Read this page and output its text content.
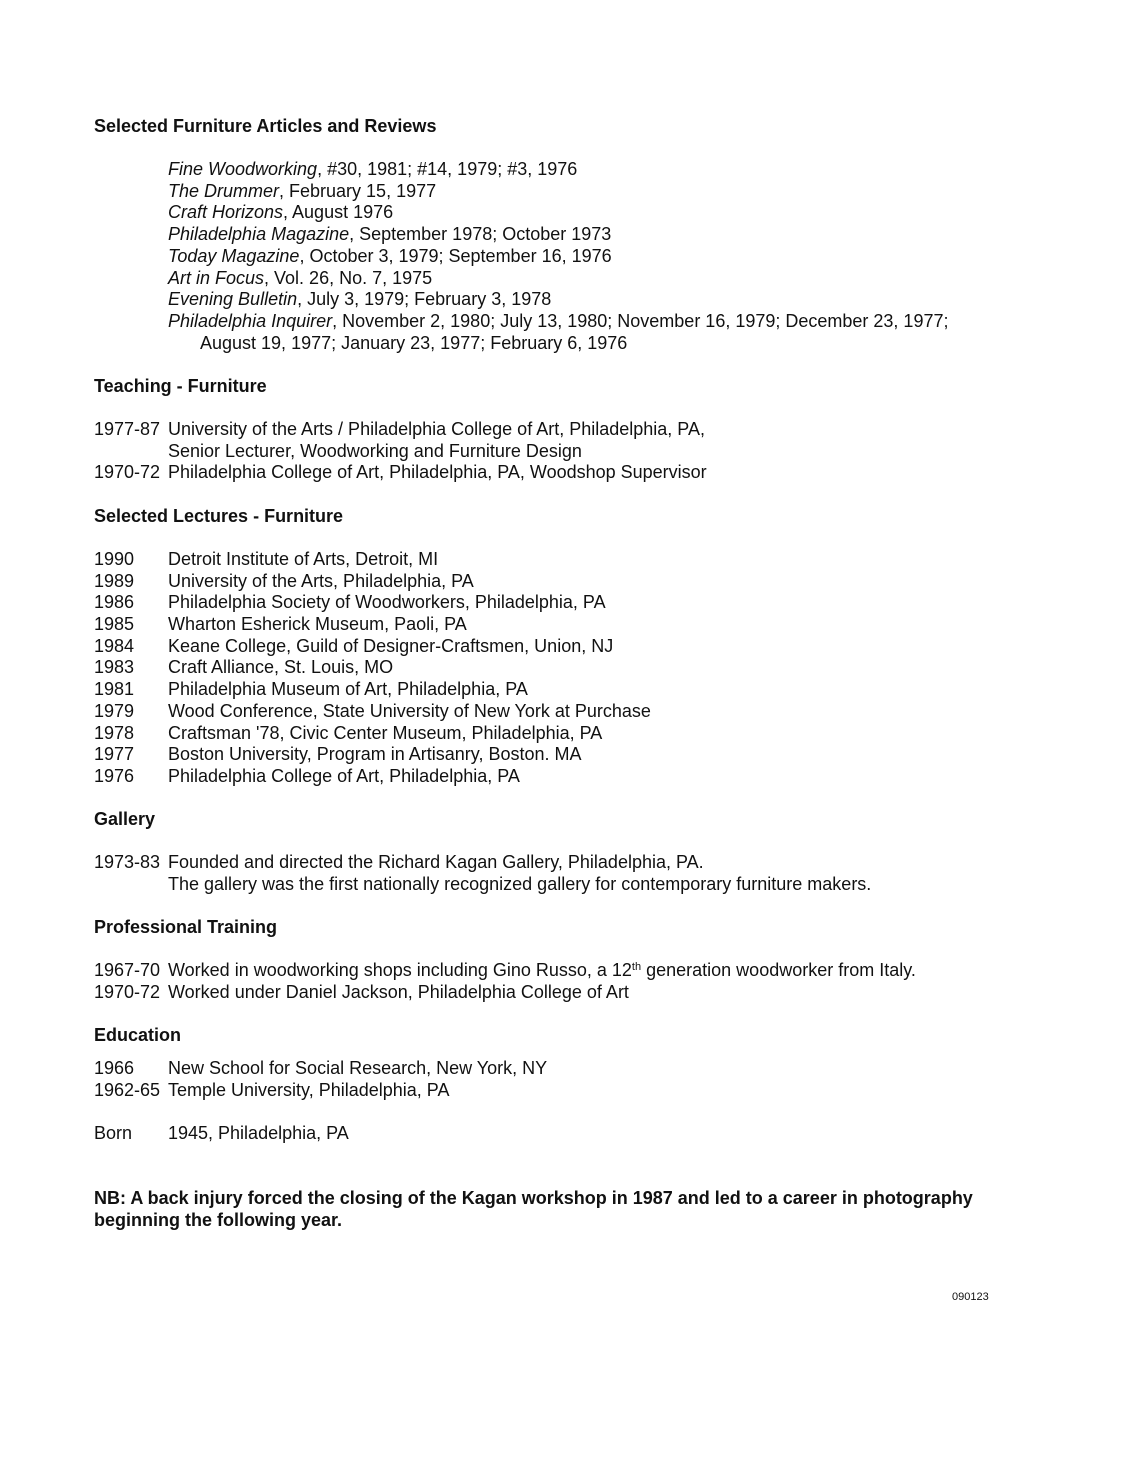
Selected Furniture Articles and Reviews
Fine Woodworking, #30, 1981; #14, 1979; #3, 1976
The Drummer, February 15, 1977
Craft Horizons, August 1976
Philadelphia Magazine, September 1978; October 1973
Today Magazine, October 3, 1979; September 16, 1976
Art in Focus, Vol. 26, No. 7, 1975
Evening Bulletin, July 3, 1979; February 3, 1978
Philadelphia Inquirer, November 2, 1980; July 13, 1980; November 16, 1979; December 23, 1977;
August 19, 1977; January 23, 1977; February 6, 1976
Teaching - Furniture
1977-87 University of the Arts / Philadelphia College of Art, Philadelphia, PA,
Senior Lecturer, Woodworking and Furniture Design
1970-72 Philadelphia College of Art, Philadelphia, PA, Woodshop Supervisor
Selected Lectures - Furniture
1990 Detroit Institute of Arts, Detroit, MI
1989 University of the Arts, Philadelphia, PA
1986 Philadelphia Society of Woodworkers, Philadelphia, PA
1985 Wharton Esherick Museum, Paoli, PA
1984 Keane College, Guild of Designer-Craftsmen, Union, NJ
1983 Craft Alliance, St. Louis, MO
1981 Philadelphia Museum of Art, Philadelphia, PA
1979 Wood Conference, State University of New York at Purchase
1978 Craftsman '78, Civic Center Museum, Philadelphia, PA
1977 Boston University, Program in Artisanry, Boston. MA
1976 Philadelphia College of Art, Philadelphia, PA
Gallery
1973-83 Founded and directed the Richard Kagan Gallery, Philadelphia, PA.
The gallery was the first nationally recognized gallery for contemporary furniture makers.
Professional Training
1967-70 Worked in woodworking shops including Gino Russo, a 12th generation woodworker from Italy.
1970-72 Worked under Daniel Jackson, Philadelphia College of Art
Education
1966 New School for Social Research, New York, NY
1962-65 Temple University, Philadelphia, PA
Born 1945, Philadelphia, PA
NB: A back injury forced the closing of the Kagan workshop in 1987 and led to a career in photography beginning the following year.
090123
